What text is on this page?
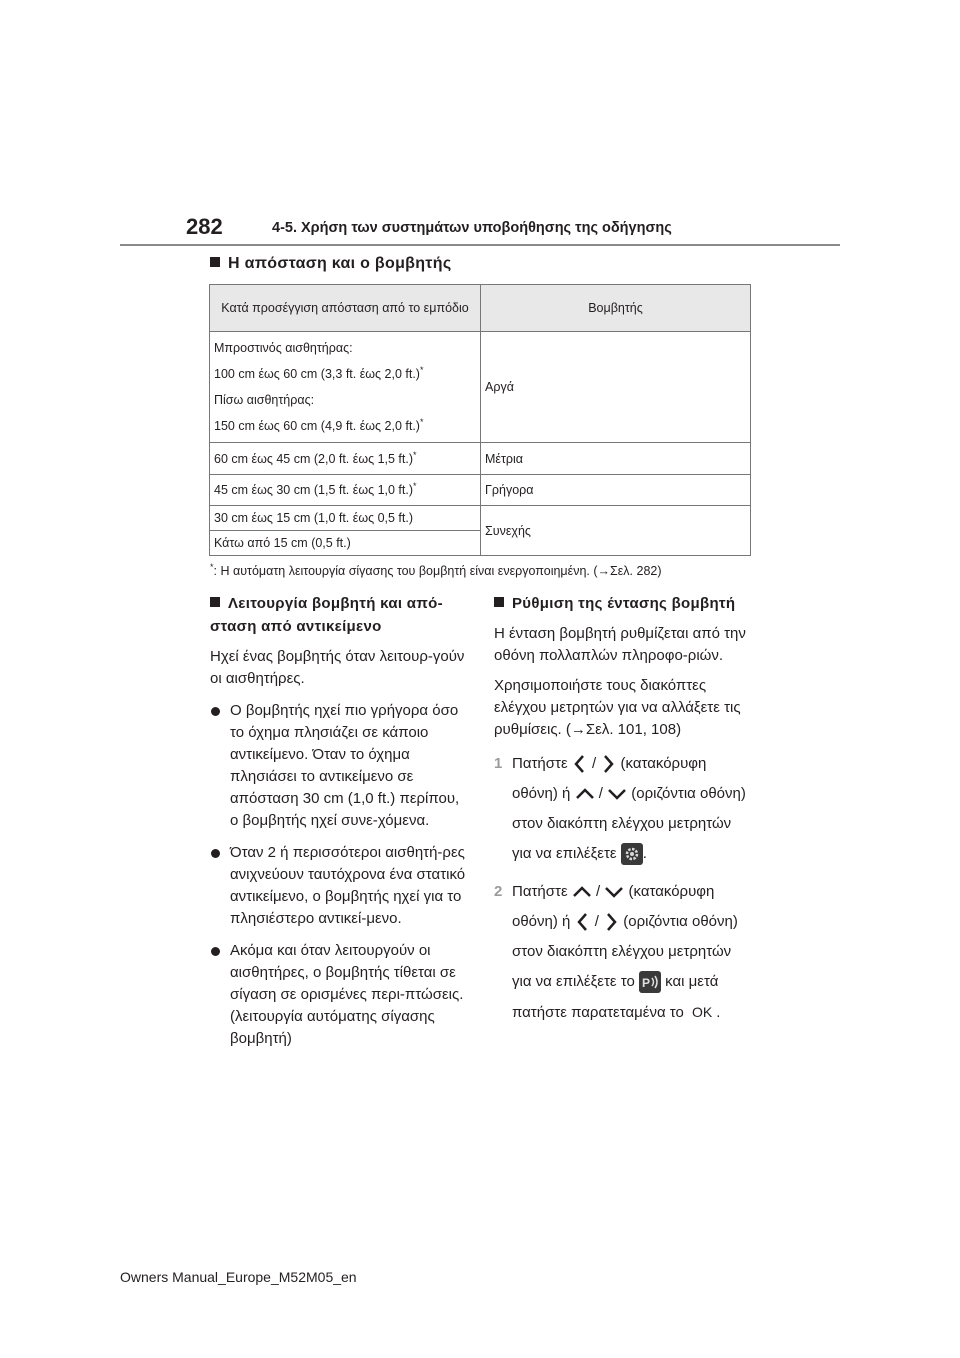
282	4-5. Χρήση των συστημάτων υποβοήθησης της οδήγησης
Η απόσταση και ο βομβητής
Κατά προσέγγιση απόσταση από το εμπόδιο	Βομβητής

Μπροστινός αισθητήρας:

100 cm έως 60 cm (3,3 ft. έως 2,0 ft.)*

Πίσω αισθητήρας:

150 cm έως 60 cm (4,9 ft. έως 2,0 ft.)*	Αργά
60 cm έως 45 cm (2,0 ft. έως 1,5 ft.)*	Μέτρια
45 cm έως 30 cm (1,5 ft. έως 1,0 ft.)*	Γρήγορα
30 cm έως 15 cm (1,0 ft. έως 0,5 ft.)	Συνεχής
Κάτω από 15 cm (0,5 ft.)	
*: Η αυτόματη λειτουργία σίγασης του βομβητή είναι ενεργοποιημένη. (→Σελ. 282)

Λειτουργία βομβητή και από-σταση από αντικείμενο

Ηχεί ένας βομβητής όταν λειτουρ-γούν οι αισθητήρες.

Ο βομβητής ηχεί πιο γρήγορα όσο το όχημα πλησιάζει σε κάποιο αντικείμενο. Όταν το όχημα πλησιάσει το αντικείμενο σε απόσταση 30 cm (1,0 ft.) περίπου, ο βομβητής ηχεί συνε-χόμενα.

Όταν 2 ή περισσότεροι αισθητή-ρες ανιχνεύουν ταυτόχρονα ένα στατικό αντικείμενο, ο βομβητής ηχεί για το πλησιέστερο αντικεί-μενο.

Ακόμα και όταν λειτουργούν οι αισθητήρες, ο βομβητής τίθεται σε σίγαση σε ορισμένες περι-πτώσεις. (λειτουργία αυτόματης σίγασης βομβητή)

Ρύθμιση της έντασης βομβητή

Η ένταση βομβητή ρυθμίζεται από την οθόνη πολλαπλών πληροφο-ριών.

Χρησιμοποιήστε τους διακόπτες ελέγχου μετρητών για να αλλάξετε τις ρυθμίσεις. (→Σελ. 101, 108)

1 Πατήστε / (κατακόρυφη οθόνη) ή / (οριζόντια οθόνη) στον διακόπτη ελέγχου μετρητών για να επιλέξετε .

2 Πατήστε / (κατακόρυφη οθόνη) ή / (οριζόντια οθόνη) στον διακόπτη ελέγχου μετρητών για να επιλέξετε το P και μετά πατήστε παρατεταμένα το OK .

Owners Manual_Europe_M52M05_en
